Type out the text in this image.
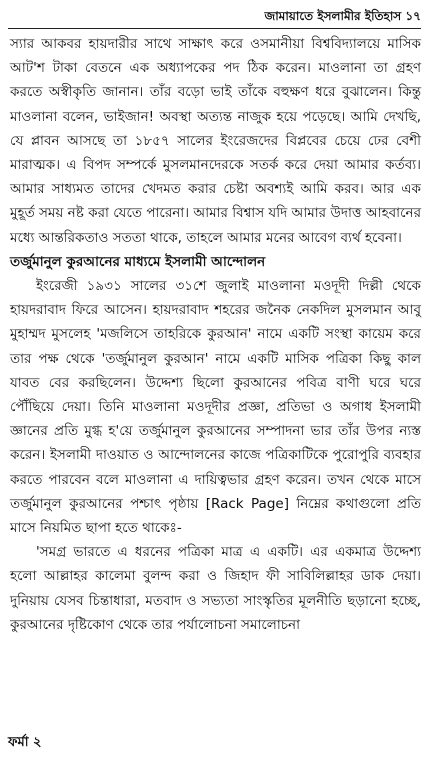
জামায়াতে ইসলামীর ইতিহাস ১৭

স্যার আকবর হায়দারীর সাথে সাক্ষাৎ করে ওসমানীয়া বিশ্ববিদ্যালয়ে মাসিক আট'শ টাকা বেতনে এক অধ্যাপকের পদ ঠিক করেন। মাওলানা তা গ্রহণ করতে অস্বীকৃতি জানান। তাঁর বড়ো ভাই তাঁকে বহুক্ষণ ধরে বুঝালেন। কিন্তু মাওলানা বলেন, ভাইজান! অবস্থা অত্যন্ত নাজুক হয়ে পড়েছে। আমি দেখছি, যে প্লাবন আসছে তা ১৮৫৭ সালের ইংরেজদের বিপ্লবের চেয়ে ঢের বেশী মারাত্মক। এ বিপদ সম্পর্কে মুসলমানদেরকে সতর্ক করে দেয়া আমার কর্তব্য। আমার সাধ্যমত তাদের খেদমত করার চেষ্টা অবশ্যই আমি করব। আর এক মুহূর্ত সময় নষ্ট করা যেতে পারেনা। আমার বিশ্বাস যদি আমার উদাত্ত আহবানের মধ্যে আন্তরিকতাও সততা থাকে, তাহলে আমার মনের আবেগ ব্যর্থ হবেনা।

তর্জুমানুল কুরআনের মাধ্যমে ইসলামী আন্দোলন

ইংরেজী ১৯৩১ সালের ৩১শে জুলাই মাওলানা মওদূদী দিল্লী থেকে হায়দরাবাদ ফিরে আসেন। হায়দরাবাদ শহরের জনৈক নেকদিল মুসলমান আবু মুহাম্মদ মুসলেহ 'মজলিসে তাহরিকে কুরআন' নামে একটি সংস্থা কায়েম করে তার পক্ষ থেকে 'তর্জুমানুল কুরআন' নামে একটি মাসিক পত্রিকা কিছু কাল যাবত বের করছিলেন। উদ্দেশ্য ছিলো কুরআনের পবিত্র বাণী ঘরে ঘরে পৌঁছিয়ে দেয়া। তিনি মাওলানা মওদূদীর প্রজ্ঞা, প্রতিভা ও অগাধ ইসলামী জ্ঞানের প্রতি মুগ্ধ হ'য়ে তর্জুমানুল কুরআনের সম্পাদনা ভার তাঁর উপর ন্যস্ত করেন। ইসলামী দাওয়াত ও আন্দোলনের কাজে পত্রিকাটিকে পুরোপুরি ব্যবহার করতে পারবেন বলে মাওলানা এ দায়িত্বভার গ্রহণ করেন। তখন থেকে মাসে তর্জুমানুল কুরআনের পশ্চাৎ পৃষ্ঠায় [Rack Page] নিম্নের কথাগুলো প্রতি মাসে নিয়মিত ছাপা হতে থাকেঃ-

'সমগ্র ভারতে এ ধরনের পত্রিকা মাত্র এ একটি। এর একমাত্র উদ্দেশ্য হলো আল্লাহর কালেমা বুলন্দ করা ও জিহাদ ফী সাবিলিল্লাহর ডাক দেয়া। দুনিয়ায় যেসব চিন্তাধারা, মতবাদ ও সভ্যতা সাংস্কৃতির মূলনীতি ছড়ানো হচ্ছে, কুরআনের দৃষ্টিকোণ থেকে তার পর্যালোচনা সমালোচনা

ফর্মা ২
